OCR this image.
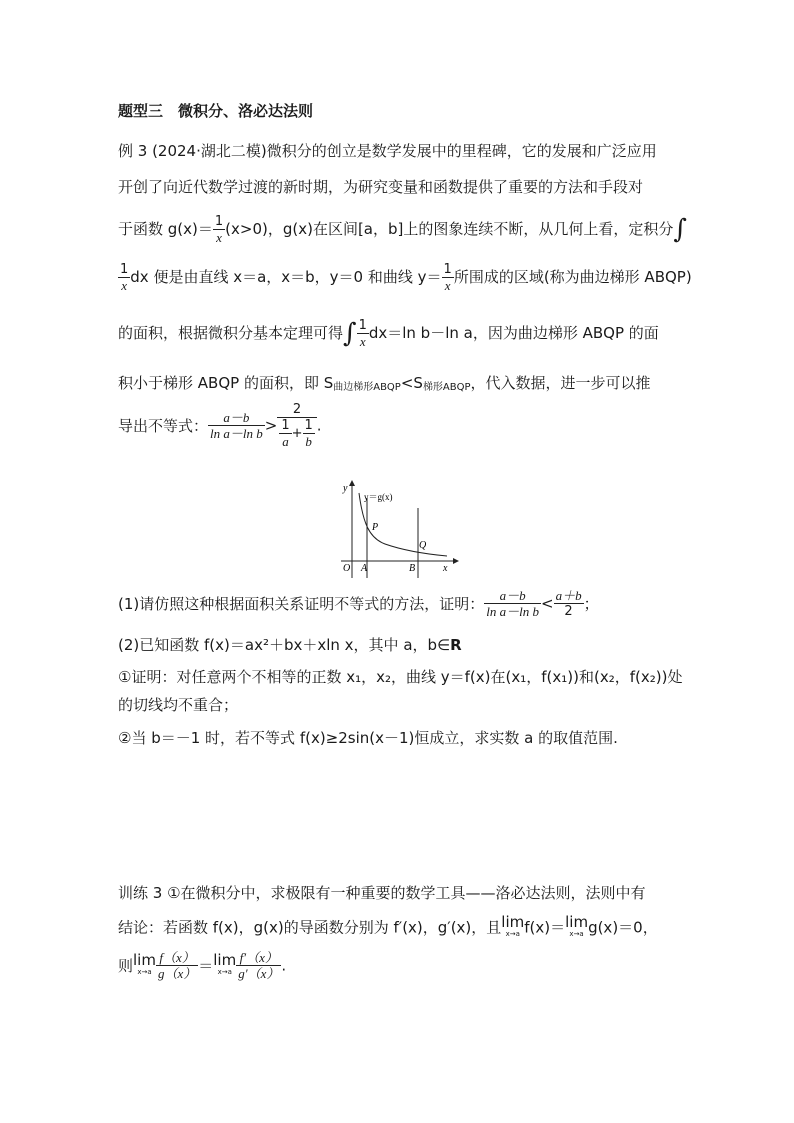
题型三　微积分、洛必达法则
例 3 (2024·湖北二模)微积分的创立是数学发展中的里程碑，它的发展和广泛应用
开创了向近代数学过渡的新时期，为研究变量和函数提供了重要的方法和手段对
于函数 $g(x)= \frac{1}{x} (x>0)$，g(x)在区间[a，b]上的图象连续不断，从几何上看，定积分∫
$\frac{1}{x}$ dx 便是由直线 x＝a，x＝b，y＝0 和曲线 $y= \frac{1}{x}$ 所围成的区域(称为曲边梯形 ABQP)
的面积，根据微积分基本定理可得∫ $\frac{1}{x} dx=\ln$ b－ln a，因为曲边梯形 ABQP 的面
积小于梯形 ABQP 的面积，即 S曲边梯形ABQP<S梯形ABQP，代入数据，进一步可以推
导出不等式： $\frac{a-b}{\text{ln a－ln b}} > \frac{2}{\frac{1}{a} + \frac{1}{b}}$ .
y＝g(x)
y
x
O A	B
P
Q
(1)请仿照这种根据面积关系证明不等式的方法，证明： $\frac{a-b}{\text{ln a－ln b}} < \frac{a+b}{2}$ ；
(2)已知函数 f(x)＝ax²＋bx＋xln x，其中 a，b∈R
①证明：对任意两个不相等的正数 x₁，x₂，曲线 y＝f(x)在(x₁，f(x₁))和(x₂，f(x₂))处
的切线均不重合；
②当 b＝－1 时，若不等式 f(x)≥2sin(x－1)恒成立，求实数 a 的取值范围.
训练 3 ①在微积分中，求极限有一种重要的数学工具——洛必达法则，法则中有
结论：若函数 f(x)，g(x)的导函数分别为 f′(x)，g′(x)，且lim
x→a f(x)＝lim
x→a g(x)＝0，
则lim
$x\to a \frac{f(x)}{g(x)} =\lim$
$x\to a \frac{f'(x)}{g'(x)}$ .
